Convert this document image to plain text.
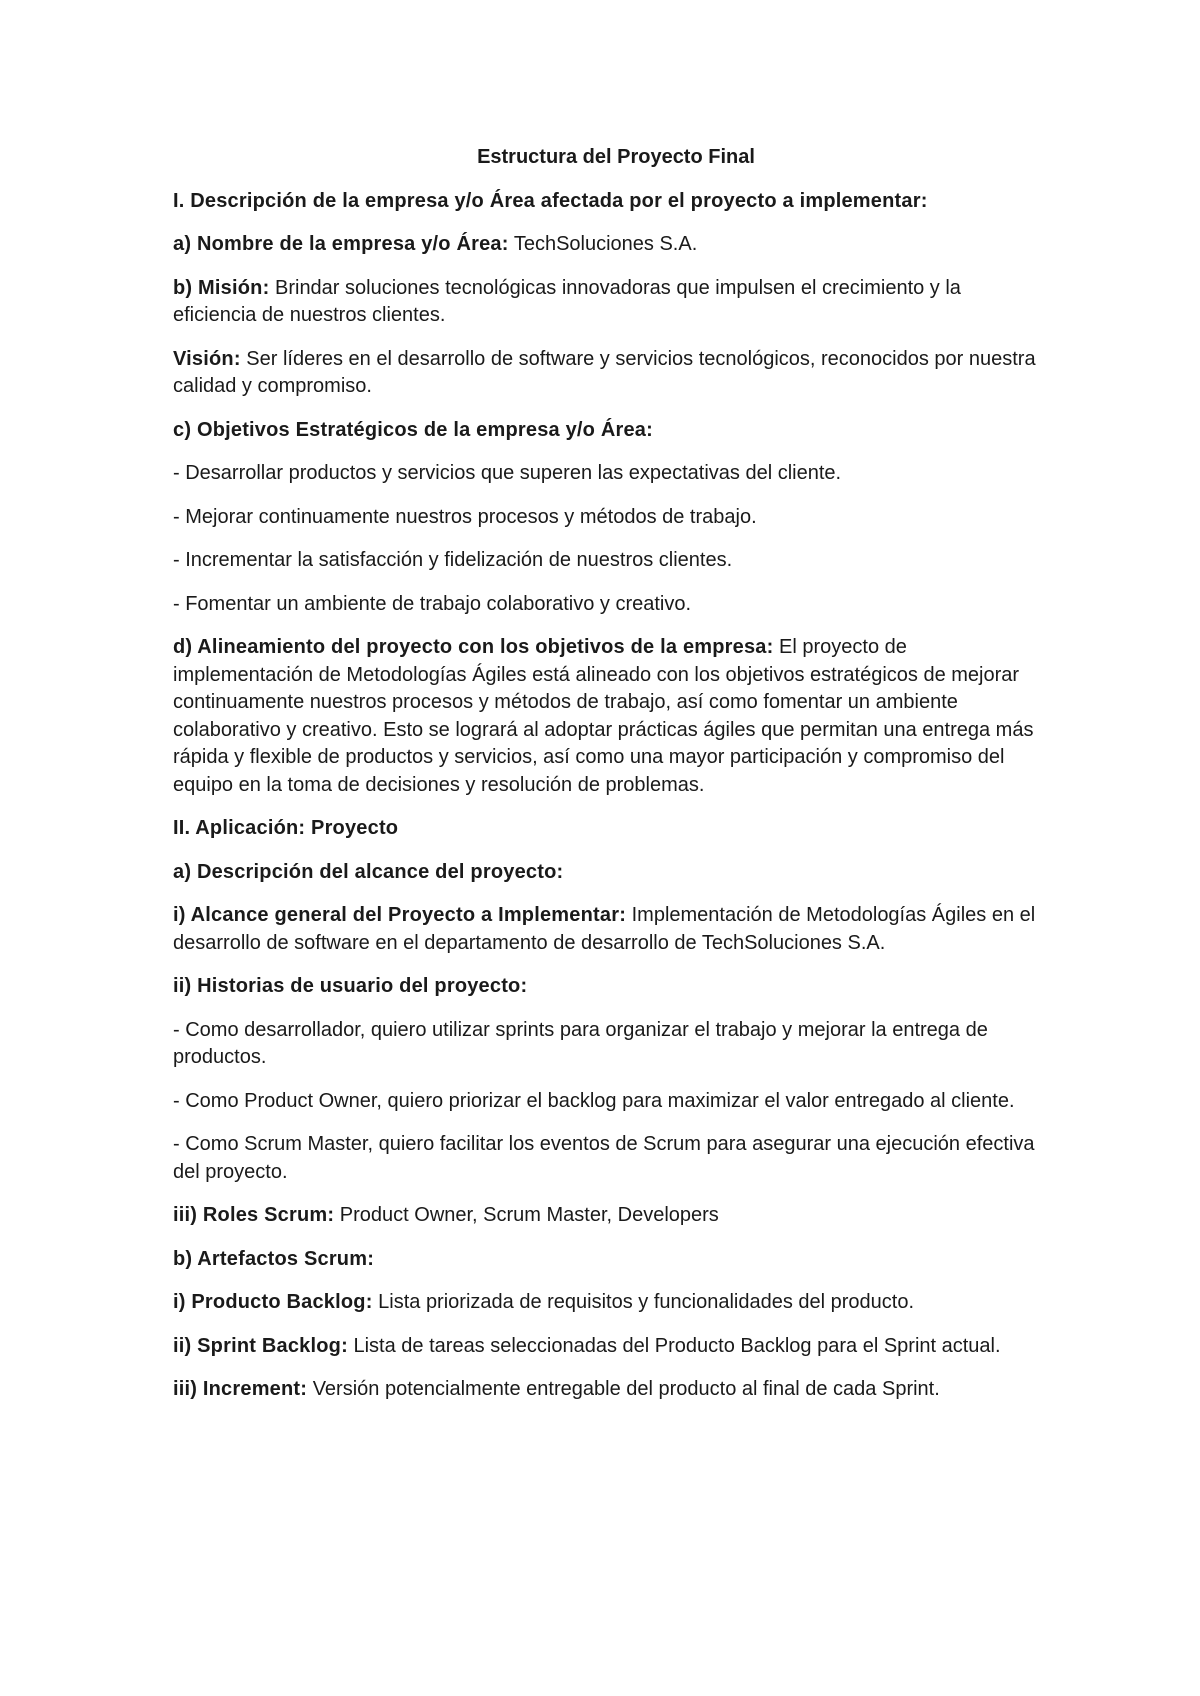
Estructura del Proyecto Final

I. Descripción de la empresa y/o Área afectada por el proyecto a implementar:

a) Nombre de la empresa y/o Área: TechSoluciones S.A.

b) Misión: Brindar soluciones tecnológicas innovadoras que impulsen el crecimiento y la eficiencia de nuestros clientes.

Visión: Ser líderes en el desarrollo de software y servicios tecnológicos, reconocidos por nuestra calidad y compromiso.

c) Objetivos Estratégicos de la empresa y/o Área:

- Desarrollar productos y servicios que superen las expectativas del cliente.

- Mejorar continuamente nuestros procesos y métodos de trabajo.

- Incrementar la satisfacción y fidelización de nuestros clientes.

- Fomentar un ambiente de trabajo colaborativo y creativo.

d) Alineamiento del proyecto con los objetivos de la empresa: El proyecto de implementación de Metodologías Ágiles está alineado con los objetivos estratégicos de mejorar continuamente nuestros procesos y métodos de trabajo, así como fomentar un ambiente colaborativo y creativo. Esto se logrará al adoptar prácticas ágiles que permitan una entrega más rápida y flexible de productos y servicios, así como una mayor participación y compromiso del equipo en la toma de decisiones y resolución de problemas.

II. Aplicación: Proyecto

a) Descripción del alcance del proyecto:

i) Alcance general del Proyecto a Implementar: Implementación de Metodologías Ágiles en el desarrollo de software en el departamento de desarrollo de TechSoluciones S.A.

ii) Historias de usuario del proyecto:

- Como desarrollador, quiero utilizar sprints para organizar el trabajo y mejorar la entrega de productos.

- Como Product Owner, quiero priorizar el backlog para maximizar el valor entregado al cliente.

- Como Scrum Master, quiero facilitar los eventos de Scrum para asegurar una ejecución efectiva del proyecto.

iii) Roles Scrum: Product Owner, Scrum Master, Developers

b) Artefactos Scrum:

i) Producto Backlog: Lista priorizada de requisitos y funcionalidades del producto.

ii) Sprint Backlog: Lista de tareas seleccionadas del Producto Backlog para el Sprint actual.

iii) Increment: Versión potencialmente entregable del producto al final de cada Sprint.
